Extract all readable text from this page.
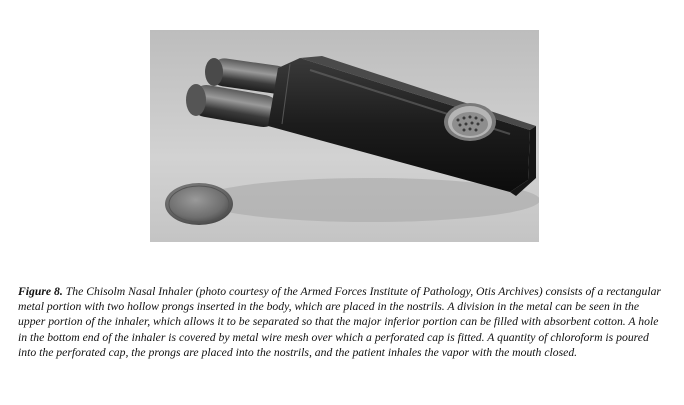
Figure 8. The Chisolm Nasal Inhaler (photo courtesy of the Armed Forces Institute of Pathology, Otis Archives) consists of a rectangular metal portion with two hollow prongs inserted in the body, which are placed in the nostrils. A division in the metal can be seen in the upper portion of the inhaler, which allows it to be separated so that the major inferior portion can be filled with absorbent cotton. A hole in the bottom end of the inhaler is covered by metal wire mesh over which a perforated cap is fitted. A quantity of chloroform is poured into the perforated cap, the prongs are placed into the nostrils, and the patient inhales the vapor with the mouth closed.
